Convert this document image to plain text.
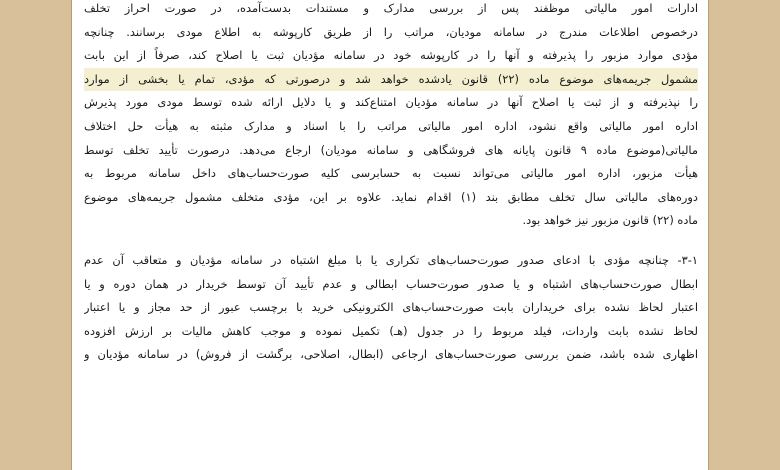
ادارات امور مالیاتی موظفند پس از بررسی مدارک و مستندات بدست‌آمده، در صورت احراز تخلف
درخصوص اطلاعات مندرج در سامانه مودیان، مراتب را از طریق کارپوشه به اطلاع مودی برسانند. چنانچه
مؤدی موارد مزبور را پذیرفته و آنها را در کارپوشه خود در سامانه مؤدیان ثبت یا اصلاح کند، صرفاً از این بابت
مشمول جریمه‌های موضوع ماده (۲۲) قانون یادشده خواهد شد و درصورتی که مؤدی، تمام یا بخشی از موارد
را نپذیرفته و از ثبت یا اصلاح آنها در سامانه مؤدیان امتناع‌کند و یا دلایل ارائه شده توسط مودی مورد پذیرش
اداره امور مالیاتی واقع نشود، اداره امور مالیاتی مراتب را با اسناد و مدارک مثبته به هیأت حل اختلاف
مالیاتی(موضوع ماده ۹ قانون پایانه های فروشگاهی و سامانه مودیان) ارجاع می‌دهد. درصورت تأیید تخلف توسط
هیأت مزبور، اداره امور مالیاتی می‌تواند نسبت به حسابرسی کلیه صورت‌حساب‌های داخل سامانه مربوط به
دوره‌های مالیاتی سال تخلف مطابق بند (۱) اقدام نماید. علاوه بر این، مؤدی متخلف مشمول جریمه‌های موضوع
ماده (۲۲) قانون مزبور نیز خواهد بود.
۳-۱- چنانچه مؤدی با ادعای صدور صورت‌حساب‌های تکراری یا با مبلغ اشتباه در سامانه مؤدیان و متعاقب آن عدم
ابطال صورت‌حساب‌های اشتباه و یا صدور صورت‌حساب ابطالی و عدم تأیید آن توسط خریدار در همان دوره و یا
اعتبار لحاظ نشده برای خریداران بابت صورت‌حساب‌های الکترونیکی خرید با برچسب عبور از حد مجاز و یا اعتبار
لحاظ نشده بابت واردات، فیلد مربوط را در جدول (هـ) تکمیل نموده و موجب کاهش مالیات بر ارزش افزوده
اظهاری شده باشد، ضمن بررسی صورت‌حساب‌های ارجاعی (ابطال، اصلاحی، برگشت از فروش) در سامانه مؤدیان و
